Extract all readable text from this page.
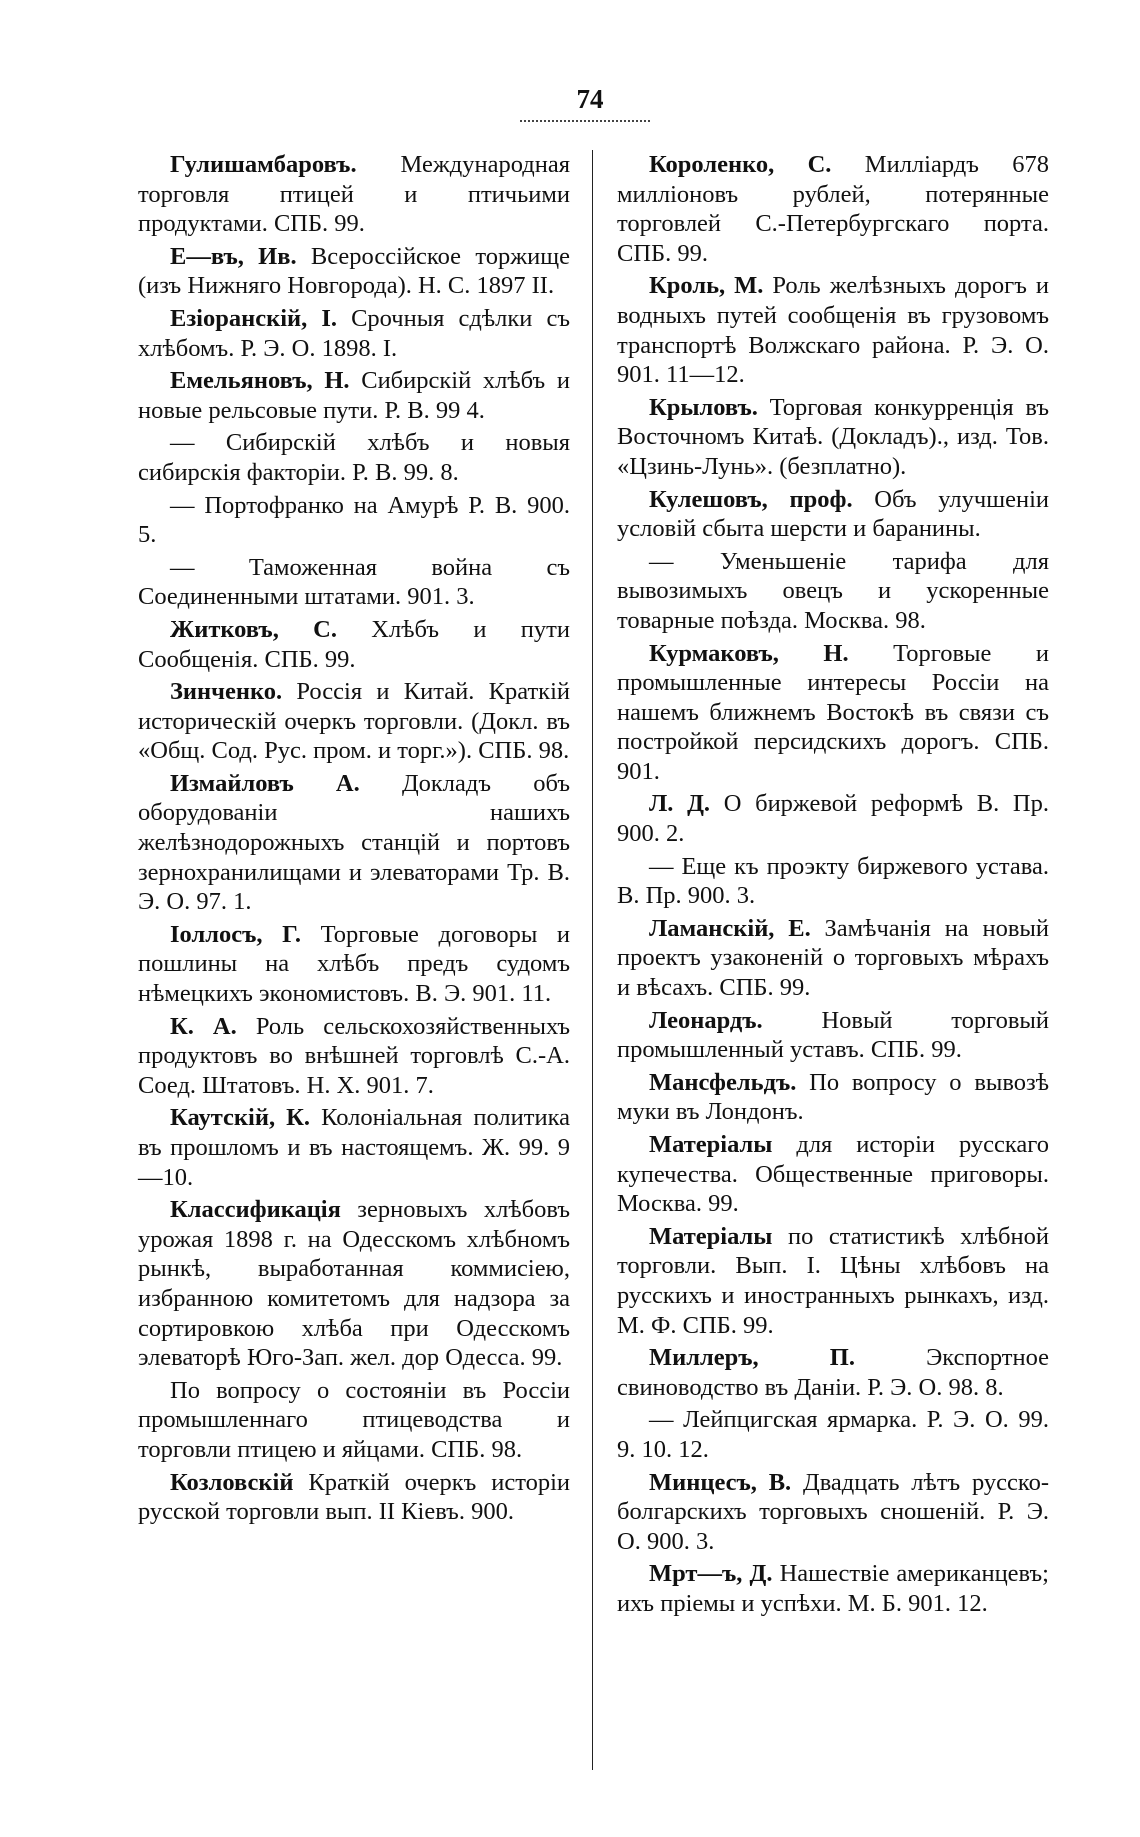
74

Гулишамбаровъ. Международная торговля птицей и птичьими продуктами. СПБ. 99.

Е—въ, Ив. Всероссійское торжище (изъ Нижняго Новгорода). Н. С. 1897 II.

Езіоранскій, І. Срочныя сдѣлки съ хлѣбомъ. Р. Э. О. 1898. I.

Емельяновъ, Н. Сибирскій хлѣбъ и новые рельсовые пути. Р. В. 99 4.

— Сибирскій хлѣбъ и новыя сибирскія факторіи. Р. В. 99. 8.

— Портофранко на Амурѣ Р. В. 900. 5.

— Таможенная война съ Соединенными штатами. 901. 3.

Житковъ, С. Хлѣбъ и пути Сообщенія. СПБ. 99.

Зинченко. Россія и Китай. Краткій историческій очеркъ торговли. (Докл. въ «Общ. Сод. Рус. пром. и торг.»). СПБ. 98.

Измайловъ А. Докладъ объ оборудованіи нашихъ желѣзнодорожныхъ станцій и портовъ зернохранилищами и элеваторами Тр. В. Э. О. 97. 1.

Іоллосъ, Г. Торговые договоры и пошлины на хлѣбъ предъ судомъ нѣмецкихъ экономистовъ. В. Э. 901. 11.

К. А. Роль сельскохозяйственныхъ продуктовъ во внѣшней торговлѣ С.-А. Соед. Штатовъ. Н. Х. 901. 7.

Каутскій, К. Колоніальная политика въ прошломъ и въ настоящемъ. Ж. 99. 9—10.

Классификація зерновыхъ хлѣбовъ урожая 1898 г. на Одесскомъ хлѣбномъ рынкѣ, выработанная коммисіею, избранною комитетомъ для надзора за сортировкою хлѣба при Одесскомъ элеваторѣ Юго-Зап. жел. дор Одесса. 99.

По вопросу о состояніи въ Россіи промышленнаго птицеводства и торговли птицею и яйцами. СПБ. 98.

Козловскій Краткій очеркъ исторіи русской торговли вып. II Кіевъ. 900.

Короленко, С. Милліардъ 678 милліоновъ рублей, потерянные торговлей С.-Петербургскаго порта. СПБ. 99.

Кроль, М. Роль желѣзныхъ дорогъ и водныхъ путей сообщенія въ грузовомъ транспортѣ Волжскаго района. Р. Э. О. 901. 11—12.

Крыловъ. Торговая конкурренція въ Восточномъ Китаѣ. (Докладъ)., изд. Тов. «Цзинь-Лунь». (безплатно).

Кулешовъ, проф. Объ улучшеніи условій сбыта шерсти и баранины.

— Уменьшеніе тарифа для вывозимыхъ овецъ и ускоренные товарные поѣзда. Москва. 98.

Курмаковъ, Н. Торговые и промышленные интересы Россіи на нашемъ ближнемъ Востокѣ въ связи съ постройкой персидскихъ дорогъ. СПБ. 901.

Л. Д. О биржевой реформѣ В. Пр. 900. 2.

— Еще къ проэкту биржевого устава. В. Пр. 900. 3.

Ламанскій, Е. Замѣчанія на новый проектъ узаконеній о торговыхъ мѣрахъ и вѣсахъ. СПБ. 99.

Леонардъ. Новый торговый промышленный уставъ. СПБ. 99.

Мансфельдъ. По вопросу о вывозѣ муки въ Лондонъ.

Матеріалы для исторіи русскаго купечества. Общественные приговоры. Москва. 99.

Матеріалы по статистикѣ хлѣбной торговли. Вып. I. Цѣны хлѣбовъ на русскихъ и иностранныхъ рынкахъ, изд. М. Ф. СПБ. 99.

Миллеръ, П. Экспортное свиноводство въ Даніи. Р. Э. О. 98. 8.

— Лейпцигская ярмарка. Р. Э. О. 99. 9. 10. 12.

Минцесъ, В. Двадцать лѣтъ русско-болгарскихъ торговыхъ сношеній. Р. Э. О. 900. 3.

Мрт—ъ, Д. Нашествіе американцевъ; ихъ пріемы и успѣхи. М. Б. 901. 12.
